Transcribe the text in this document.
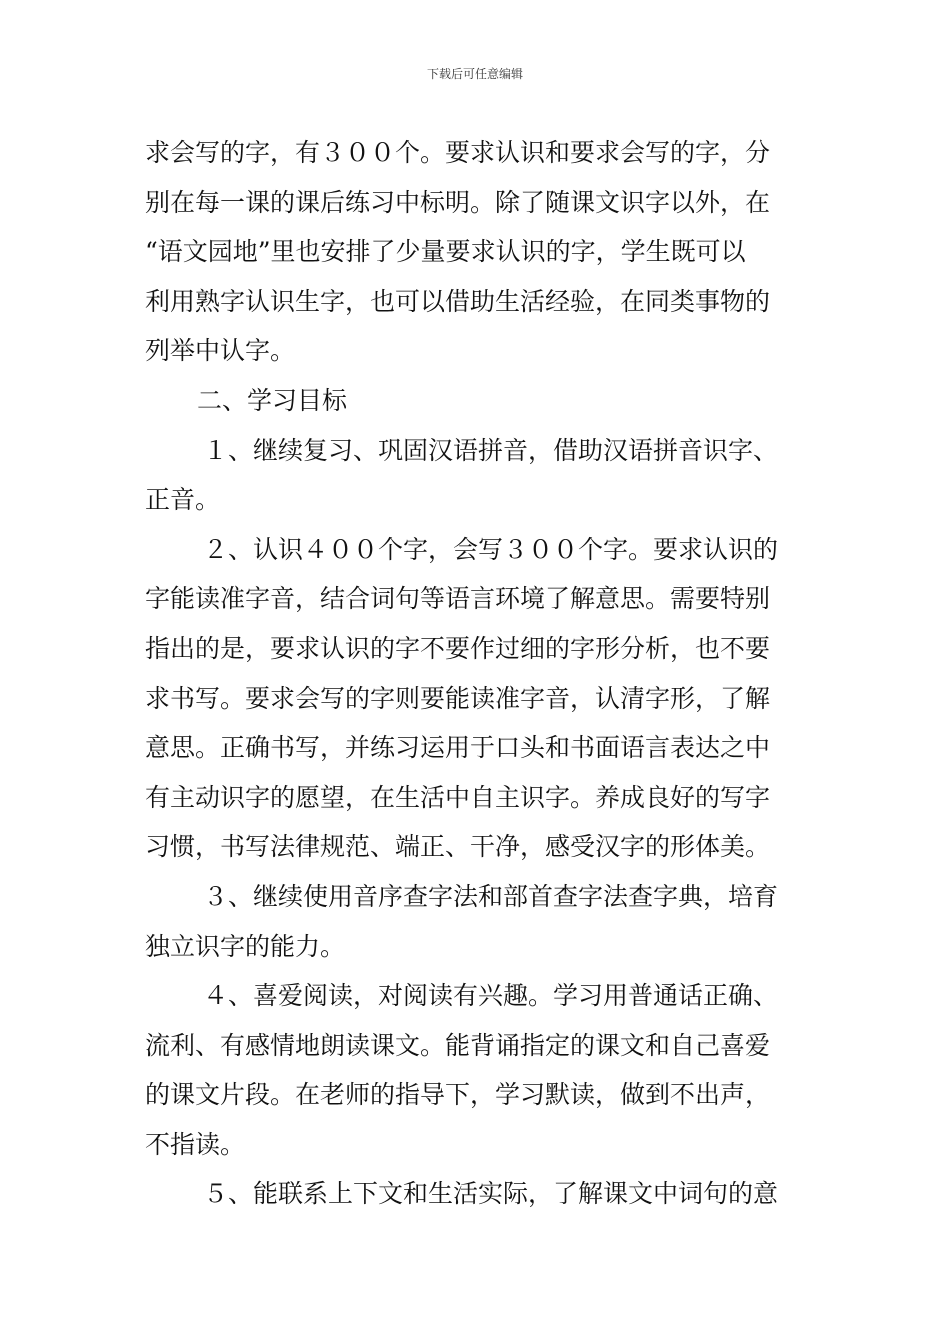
下载后可任意编辑
求会写的字，有３００个。要求认识和要求会写的字，分
别在每一课的课后练习中标明。除了随课文识字以外，在
“语文园地”里也安排了少量要求认识的字，学生既可以
利用熟字认识生字，也可以借助生活经验，在同类事物的
列举中认字。
二、学习目标
１、继续复习、巩固汉语拼音，借助汉语拼音识字、
正音。
２、认识４００个字，会写３００个字。要求认识的
字能读准字音，结合词句等语言环境了解意思。需要特别
指出的是，要求认识的字不要作过细的字形分析，也不要
求书写。要求会写的字则要能读准字音，认清字形，了解
意思。正确书写，并练习运用于口头和书面语言表达之中
有主动识字的愿望，在生活中自主识字。养成良好的写字
习惯，书写法律规范、端正、干净，感受汉字的形体美。
３、继续使用音序查字法和部首查字法查字典，培育
独立识字的能力。
４、喜爱阅读，对阅读有兴趣。学习用普通话正确、
流利、有感情地朗读课文。能背诵指定的课文和自己喜爱
的课文片段。在老师的指导下，学习默读，做到不出声，
不指读。
５、能联系上下文和生活实际，了解课文中词句的意
